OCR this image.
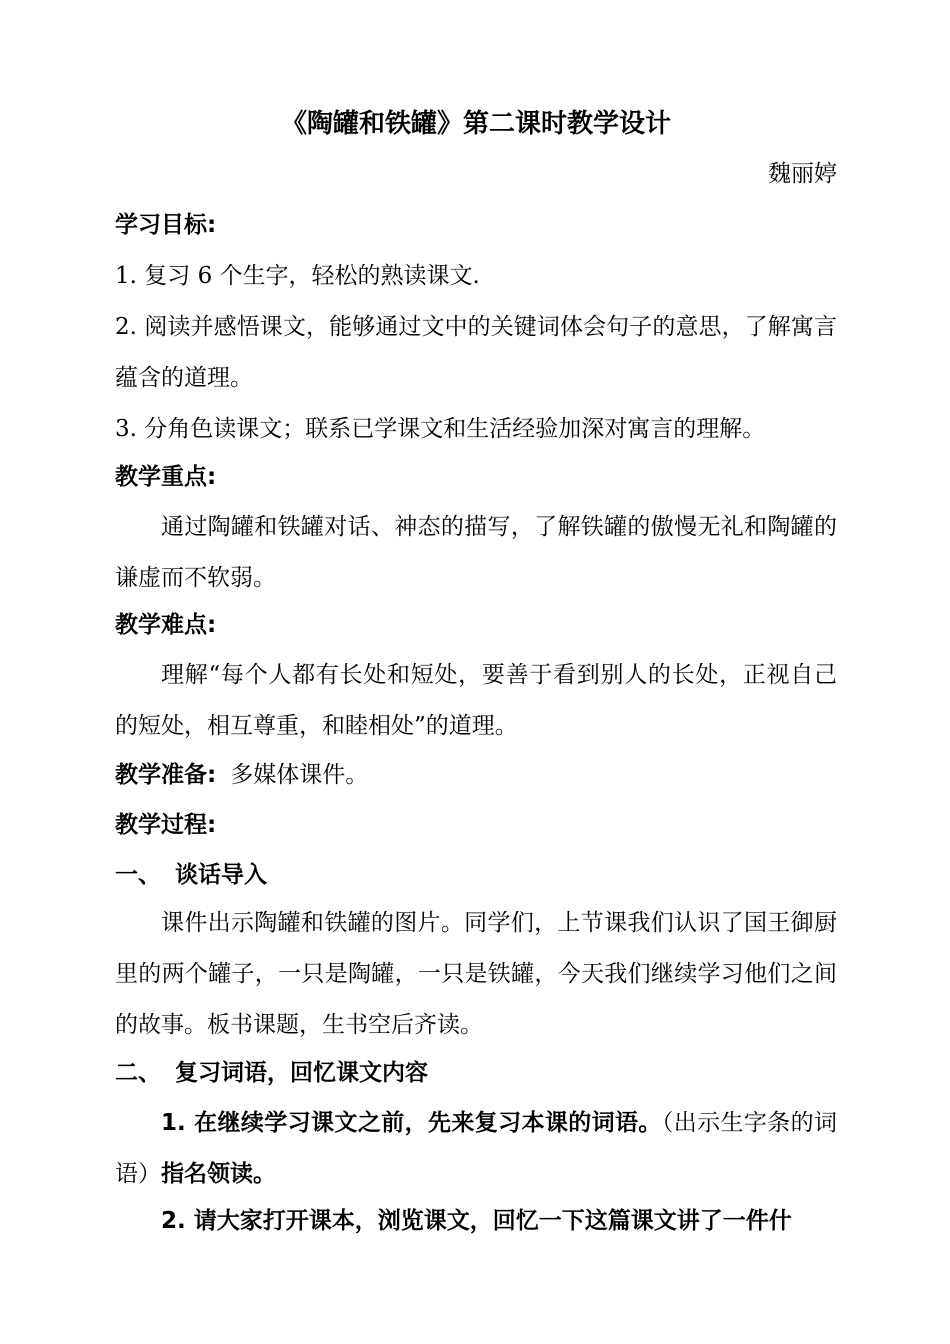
《陶罐和铁罐》第二课时教学设计
魏丽婷
学习目标:
1. 复习 6 个生字，轻松的熟读课文.
2. 阅读并感悟课文，能够通过文中的关键词体会句子的意思，了解寓言蕴含的道理。
3. 分角色读课文；联系已学课文和生活经验加深对寓言的理解。
教学重点:
通过陶罐和铁罐对话、神态的描写，了解铁罐的傲慢无礼和陶罐的谦虚而不软弱。
教学难点:
理解“每个人都有长处和短处，要善于看到别人的长处，正视自己的短处，相互尊重，和睦相处”的道理。
教学准备: 多媒体课件。
教学过程:
一、 谈话导入
课件出示陶罐和铁罐的图片。同学们，上节课我们认识了国王御厨里的两个罐子，一只是陶罐，一只是铁罐，今天我们继续学习他们之间的故事。板书课题，生书空后齐读。
二、 复习词语，回忆课文内容
1. 在继续学习课文之前，先来复习本课的词语。（出示生字条的词语）指名领读。
2. 请大家打开课本，浏览课文，回忆一下这篇课文讲了一件什
